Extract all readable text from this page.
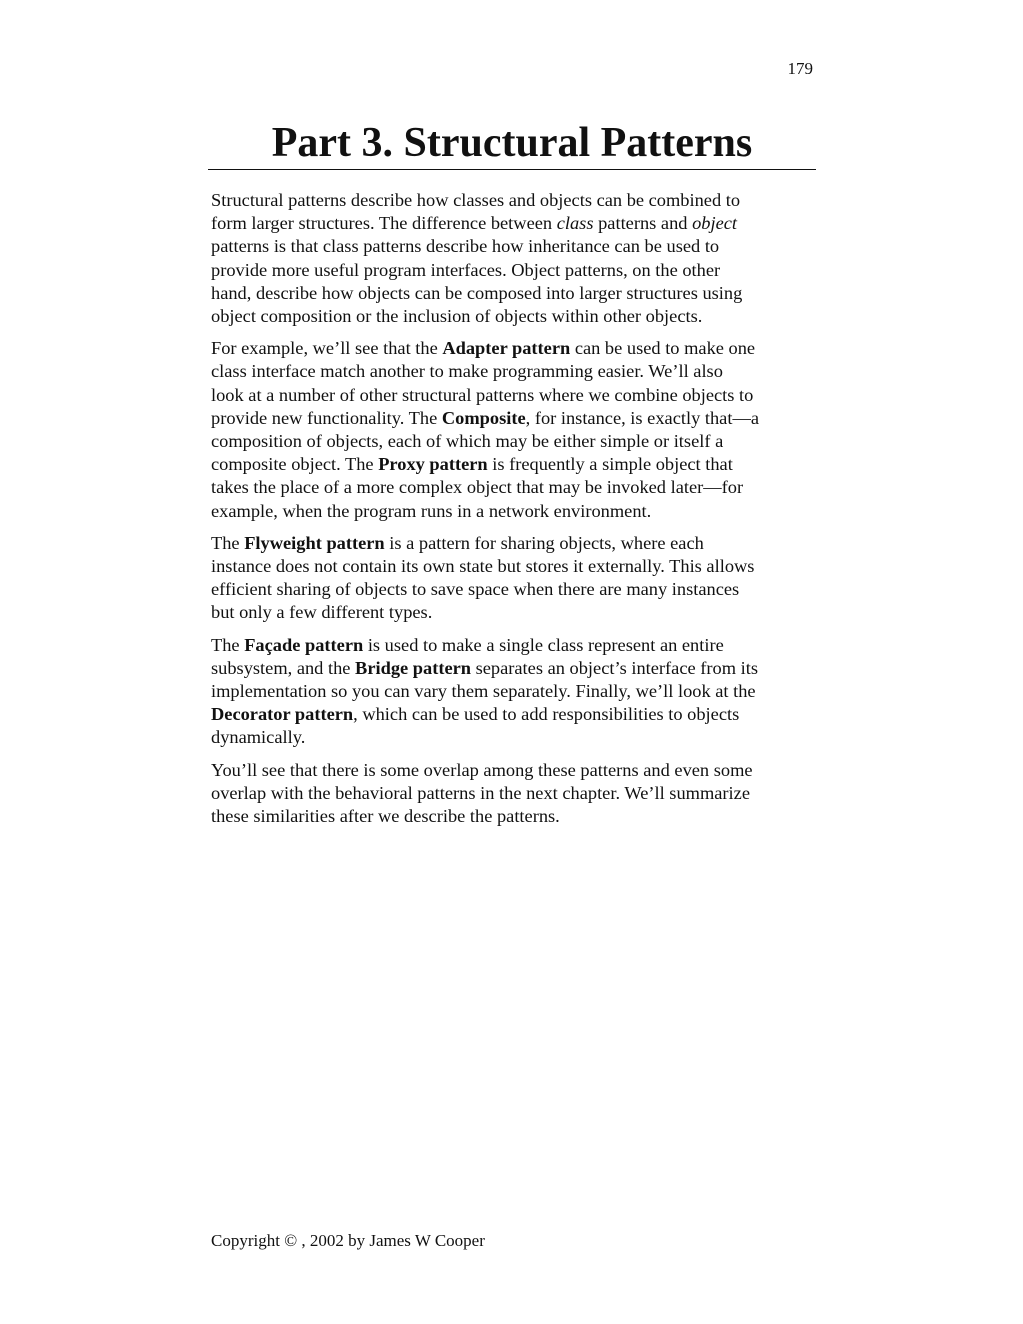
179
Part 3. Structural Patterns

Structural patterns describe how classes and objects can be combined to
form larger structures. The difference between class patterns and object
patterns is that class patterns describe how inheritance can be used to
provide more useful program interfaces. Object patterns, on the other
hand, describe how objects can be composed into larger structures using
object composition or the inclusion of objects within other objects.

For example, we’ll see that the Adapter pattern can be used to make one
class interface match another to make programming easier. We’ll also
look at a number of other structural patterns where we combine objects to
provide new functionality. The Composite, for instance, is exactly that—a
composition of objects, each of which may be either simple or itself a
composite object. The Proxy pattern is frequently a simple object that
takes the place of a more complex object that may be invoked later—for
example, when the program runs in a network environment.

The Flyweight pattern is a pattern for sharing objects, where each
instance does not contain its own state but stores it externally. This allows
efficient sharing of objects to save space when there are many instances
but only a few different types.

The Façade pattern is used to make a single class represent an entire
subsystem, and the Bridge pattern separates an object’s interface from its
implementation so you can vary them separately. Finally, we’ll look at the
Decorator pattern, which can be used to add responsibilities to objects
dynamically.

You’ll see that there is some overlap among these patterns and even some
overlap with the behavioral patterns in the next chapter. We’ll summarize
these similarities after we describe the patterns.

Copyright © , 2002 by James W Cooper
